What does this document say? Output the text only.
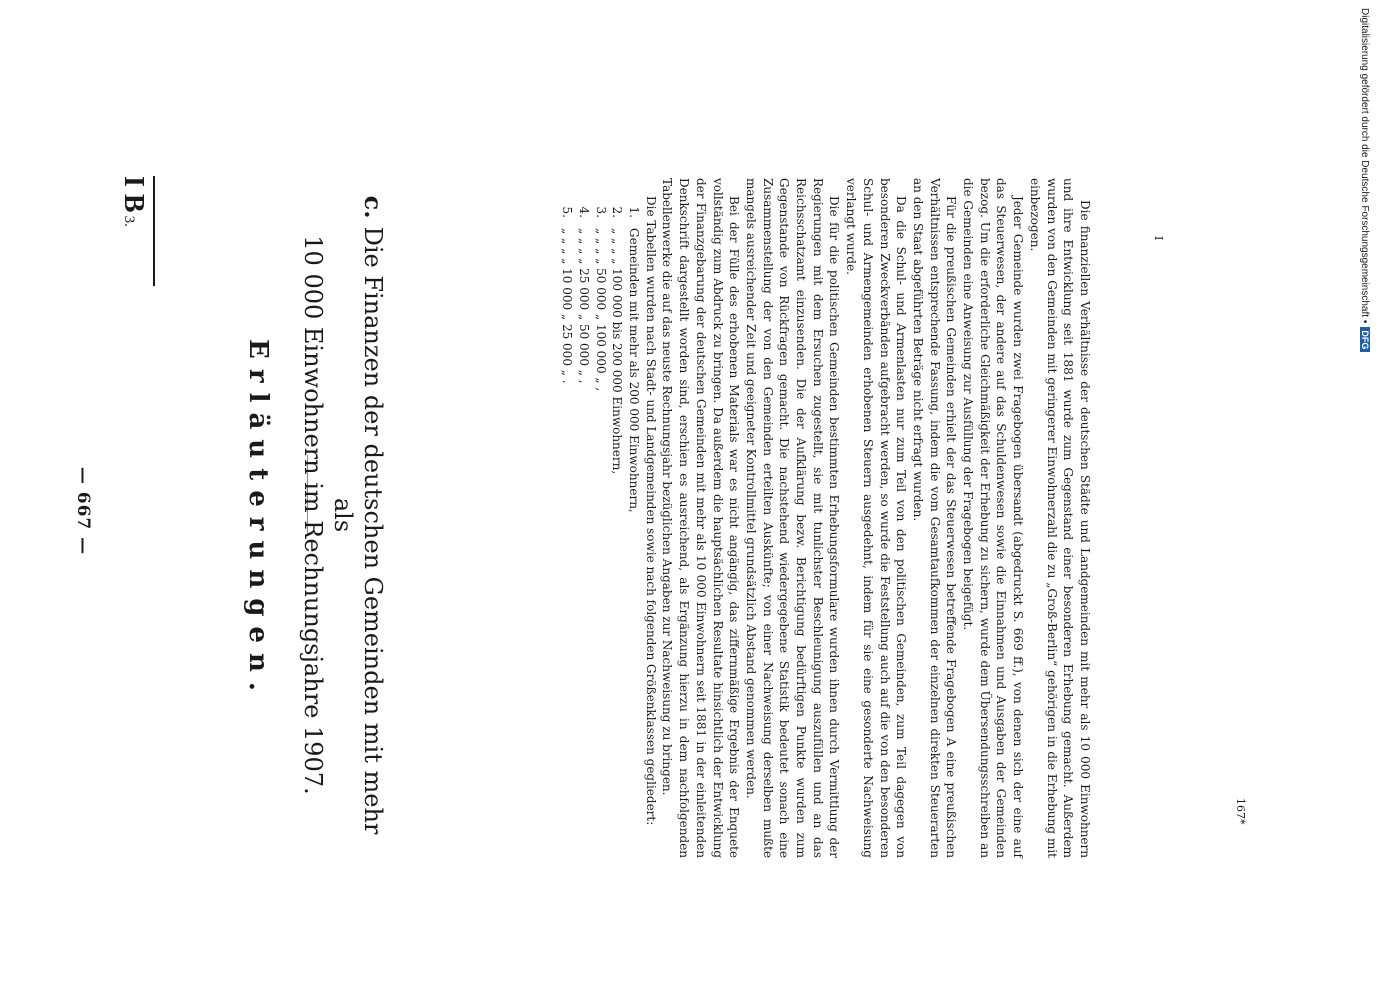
— 667 —
I B3.
Erläuterungen.
c.Die Finanzen der deutschen Gemeinden mit mehr als
10 000 Einwohnern im Rechnungsjahre 1907.	Die finanziellen Verhältnisse der deutschen Städte und Landgemeinden mit mehr als 10 000 Einwohnern und ihre Entwicklung seit 1881 wurde zum Gegenstand einer besonderen Erhebung gemacht. Außerdem wurden von den Gemeinden mit geringerer Einwohnerzahl die zu „Groß-Berlin“ gehörigen in die Erhebung mit einbezogen.

Jeder Gemeinde wurden zwei Fragebogen übersandt (abgedruckt S. 669 ff.), von denen sich der eine auf das Steuerwesen, der andere auf das Schuldenwesen sowie die Einnahmen und Ausgaben der Gemeinden bezog. Um die erforderliche Gleichmäßigkeit der Erhebung zu sichern, wurde dem Übersendungsschreiben an die Gemeinden eine Anweisung zur Ausfüllung der Fragebogen beigefügt.

Für die preußischen Gemeinden erhielt der das Steuerwesen betreffende Fragebogen A eine preußischen Verhältnissen entsprechende Fassung, indem die vom Gesamtaufkommen der einzelnen direkten Steuerarten an den Staat abgeführten Beträge nicht erfragt wurden.

Da die Schul- und Armenlasten nur zum Teil von den politischen Gemeinden, zum Teil dagegen von besonderen Zweckverbänden aufgebracht werden, so wurde die Feststellung auch auf die von den besonderen Schul- und Armengemeinden erhobenen Steuern ausgedehnt, indem für sie eine gesonderte Nachweisung verlangt wurde.

Die für die politischen Gemeinden bestimmten Erhebungsformulare wurden ihnen durch Vermittlung der Regierungen mit dem Ersuchen zugestellt, sie mit tunlichster Beschleunigung auszufüllen und an das Reichsschatzamt einzusenden. Die der Aufklärung bezw. Berichtigung bedürftigen Punkte wurden zum Gegenstande von Rückfragen gemacht. Die nachstehend wiedergegebene Statistik bedeutet sonach eine Zusammenstellung der von den Gemeinden erteilten Auskünfte; von einer Nachweisung derselben mußte mangels ausreichender Zeit und geeigneter Kontrollmittel grundsätzlich Abstand genommen werden.

Bei der Fülle des erhobenen Materials war es nicht angängig, das ziffernmäßige Ergebnis der Enquete vollständig zum Abdruck zu bringen. Da außerdem die hauptsächlichen Resultate hinsichtlich der Entwicklung der Finanzgebarung der deutschen Gemeinden mit mehr als 10 000 Einwohnern seit 1881 in der einleitenden Denkschrift dargestellt worden sind, erschien es ausreichend, als Ergänzung hierzu in dem nachfolgenden Tabellenwerke die auf das neuste Rechnungsjahr bezüglichen Angaben zur Nachweisung zu bringen.

Die Tabellen wurden nach Stadt- und Landgemeinden sowie nach folgenden Größenklassen gegliedert:

1.
Gemeinden mit mehr als 200 000 Einwohnern,
2.
„ „ „ „ 100 000 bis 200 000 Einwohnern,
3.
„ „ „ „ 50 000 „ 100 000 „ ,
4.
„ „ „ „ 25 000 „ 50 000 „ ,
5.
„ „ „ „ 10 000 „ 25 000 „ .
167*
I	Digitalisierung gefördert durch die Deutsche Forschungsgemeinschaft •DFG
